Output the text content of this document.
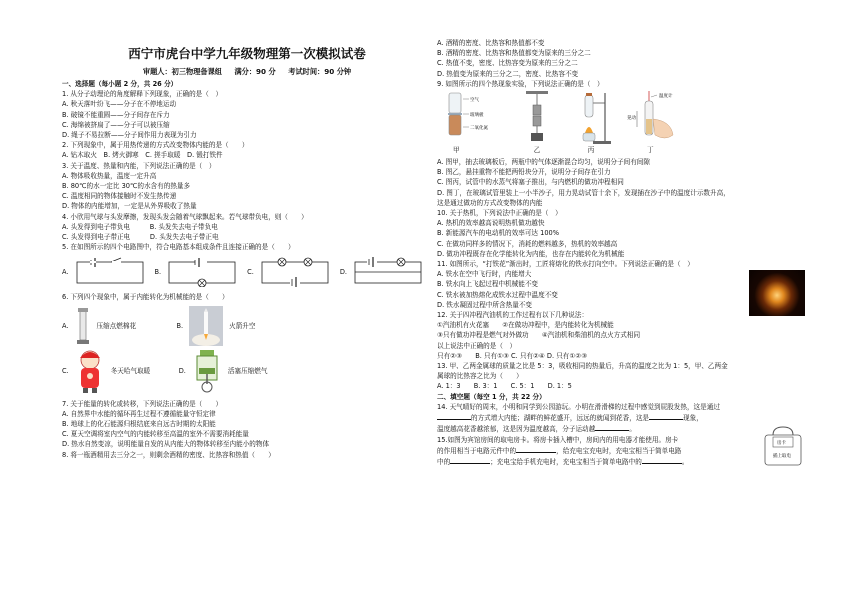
西宁市虎台中学九年级物理第一次模拟试卷
审题人：初三物理备课组 满分：90 分 考试时间：90 分钟
一、选择题（每小题 2 分，共 26 分）
1. 从分子动理论的角度解释下列现象，正确的是（　）
A. 秋天落叶纷飞——分子在不停地运动
B. 破镜不能重圆——分子间存在斥力
C. 海绵被挤扁了——分子可以被压缩
D. 绳子不易拉断——分子间作用力表现为引力
2. 下列现象中，属于用热传递的方式改变物体内能的是（　　）
A. 钻木取火　B. 烤火御寒　C. 搓手取暖　D. 锻打铁件
3. 关于温度、热量和内能，下列说法正确的是（　）
A. 物体吸收热量，温度一定升高
B. 80℃的水一定比 30℃的水含有的热量多
C. 温度相同的物体接触时不发生热传递
D. 物体的内能增加，一定是从外界吸收了热量
4. 小欣用气球与头发摩擦，发现头发会随着气球飘起来。若气球带负电，则（　　）
A. 头发得到电子带负电　　　B. 头发失去电子带负电
C. 头发得到电子带正电　　　D. 头发失去电子带正电
5. 在如图所示的四个电路图中，符合电路基本组成条件且连接正确的是（　　）
A.	B.	C.	D.
6. 下列四个现象中，属于内能转化为机械能的是（　　）
A.	压缩点燃棉花	B.	火箭升空
C.	冬天哈气取暖	D.	活塞压缩燃气
7. 关于能量的转化或转移，下列说法正确的是（　　）
A. 自然界中水能的循环再生过程不遵循能量守恒定律
B. 地球上的化石能源归根结底来自远古时期的太阳能
C. 夏天空调将室内空气的内能转移至高温的室外不需要消耗能量
D. 热水自然变凉，说明能量自发的从内能大的物体转移至内能小的物体
8. 将一瓶酒精用去三分之一，则剩余酒精的密度、比热容和热值（　　）
A. 酒精的密度、比热容和热值都不变
B. 酒精的密度、比热容和热值都变为原来的三分之二
C. 热值不变，密度、比热容变为原来的三分之二
D. 热值变为原来的三分之二，密度、比热容不变
9. 如图所示的四个热现象实验，下列说法正确的是（　）
空气
玻璃板
二氧化氮
甲	乙	丙
温度计
晃动
丁
A. 图甲，抽去玻璃板后，两瓶中的气体逐渐混合均匀，说明分子间有间隙
B. 图乙，悬挂重物不能把两铅块分开，说明分子间存在引力
C. 图丙，试管中的水蒸气将塞子推出，与内燃机的做功冲程相同
D. 图丁，在玻璃试管里装上一小半沙子，用力晃动试管十余下，发现插在沙子中的温度计示数升高，
这是通过做功的方式改变物体的内能
10. 关于热机，下列说法中正确的是（　）
A. 热机的效率越高说明热机做功越快
B. 新能源汽车的电动机的效率可达 100%
C. 在做功同样多的情况下，消耗的燃料越多，热机的效率越高
D. 做功冲程既存在化学能转化为内能，也存在内能转化为机械能
11. 如图所示，“打铁花”渐出时，工匠将熔化的铁水打向空中。下列说法正确的是（　）
A. 铁水在空中飞行时，内能增大
B. 铁水向上飞起过程中机械能不变
C. 铁水被加热熔化成铁水过程中温度不变
D. 铁水凝固过程中所含热量不变
12. 关于四冲程汽油机的工作过程有以下几种说法：
①汽油机有火花塞　　②在做功冲程中，是内能转化为机械能
③只有做功冲程是燃气对外做功　　④汽油机和柴油机的点火方式相同
以上说法中正确的是（　）
只有②③　　B. 只有①③ C. 只有②④ D. 只有①②③
13. 甲、乙两金属球的质量之比是 5：3，吸收相同的热量后，升高的温度之比为 1：5，甲、乙两金
属球的比热容之比为（　　）
A. 1：3　　B. 3：1　　C. 5：1　　D. 1：5
二、填空题（每空 1 分，共 22 分）
14. 天气晴好的周末，小明和同学到公园游玩。小明在滑滑梯的过程中感觉到屁股发热，这是通过
的方式增大内能；湖畔的鲜花盛开，远远的就闻到花香，这是	现象，
温度越高花香越浓郁，这是因为温度越高，分子运动越	。
房卡
插上取电
15.如图为宾馆房间的取电房卡。将房卡插入槽中，房间内的用电器才能使用。房卡
的作用相当于电路元件中的	，给充电宝充电时，充电宝相当于简单电路
中的	；充电宝给手机充电时，充电宝相当于简单电路中的	。
